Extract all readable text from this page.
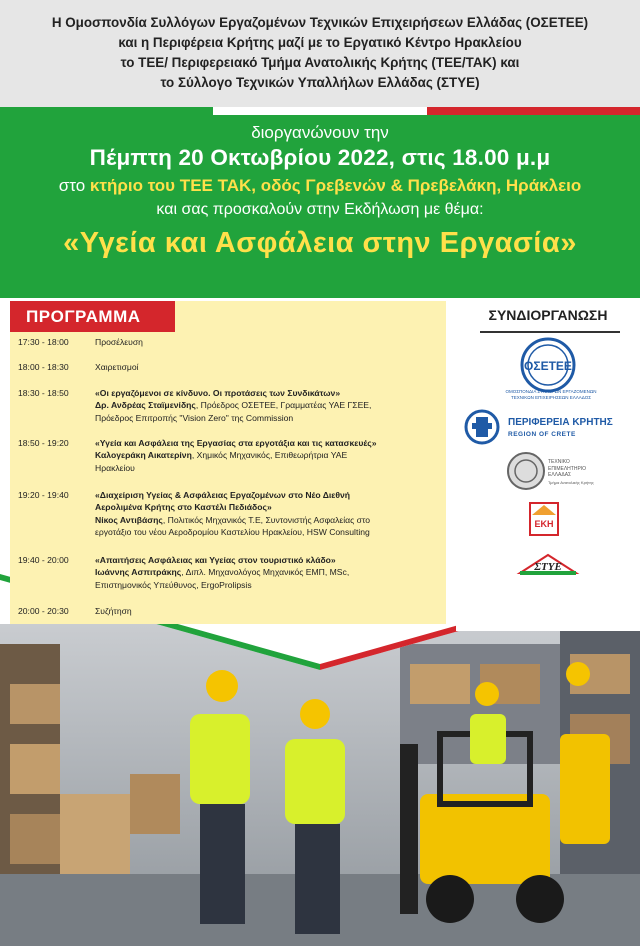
Η Ομοσπονδία Συλλόγων Εργαζομένων Τεχνικών Επιχειρήσεων Ελλάδας (ΟΣΕΤΕΕ)
και η Περιφέρεια Κρήτης μαζί με το Εργατικό Κέντρο Ηρακλείου
το ΤΕΕ/ Περιφερειακό Τμήμα Ανατολικής Κρήτης (ΤΕΕ/ΤΑΚ) και
το Σύλλογο Τεχνικών Υπαλλήλων Ελλάδας (ΣΤΥΕ)
διοργανώνουν την
Πέμπτη 20 Οκτωβρίου 2022, στις 18.00 μ.μ
στο κτήριο του ΤΕΕ ΤΑΚ, οδός Γρεβενών & Πρεβελάκη, Ηράκλειο
και σας προσκαλούν στην Εκδήλωση με θέμα:
«Υγεία και Ασφάλεια στην Εργασία»
ΠΡΟΓΡΑΜΜΑ
17:30 - 18:00	Προσέλευση
18:00 - 18:30	Χαιρετισμοί
18:30 - 18:50	«Οι εργαζόμενοι σε κίνδυνο. Οι προτάσεις των Συνδικάτων»
Δρ. Ανδρέας Σταϊμενίδης, Πρόεδρος ΟΣΕΤΕΕ, Γραμματέας ΥΑΕ ΓΣΕΕ,
Πρόεδρος Επιτροπής "Vision Zero" της Commission
18:50 - 19:20	«Υγεία και Ασφάλεια της Εργασίας στα εργοτάξια και τις κατασκευές»
Καλογεράκη Αικατερίνη, Χημικός Μηχανικός, Επιθεωρήτρια ΥΑΕ
Ηρακλείου
19:20 - 19:40	«Διαχείριση Υγείας & Ασφάλειας Εργαζομένων στο Νέο Διεθνή
Αερολιμένα Κρήτης στο Καστέλι Πεδιάδος»
Νίκος Αντιβάσης, Πολιτικός Μηχανικός Τ.Ε, Συντονιστής Ασφαλείας στο
εργοτάξιο του νέου Αεροδρομίου Καστελίου Ηρακλείου, HSW Consulting
19:40 - 20:00	«Απαιτήσεις Ασφάλειας και Υγείας στον τουριστικό κλάδο»
Ιωάννης Ασπιτράκης, Διπλ. Μηχανολόγος Μηχανικός ΕΜΠ, MSc,
Επιστημονικός Υπεύθυνος, ErgoProlipsis
20:00 - 20:30	Συζήτηση
ΣΥΝΔΙΟΡΓΑΝΩΣΗ
ΟΣΕΤΕΕ
ΟΜΟΣΠΟΝΔΙΑ ΣΥΛΛΟΓΩΝ ΕΡΓΑΖΟΜΕΝΩΝ
ΤΕΧΝΙΚΩΝ ΕΠΙΧΕΙΡΗΣΕΩΝ ΕΛΛΑΔΟΣ
ΠΕΡΙΦΕΡΕΙΑ ΚΡΗΤΗΣ
REGION OF CRETE
ΤΕΧΝΙΚΟ
ΕΠΙΜΕΛΗΤΗΡΙΟ
ΕΛΛΑΔΑΣ
Τμήμα Ανατολικής Κρήτης
ΕΚΗ
ΣΤΥΕ
